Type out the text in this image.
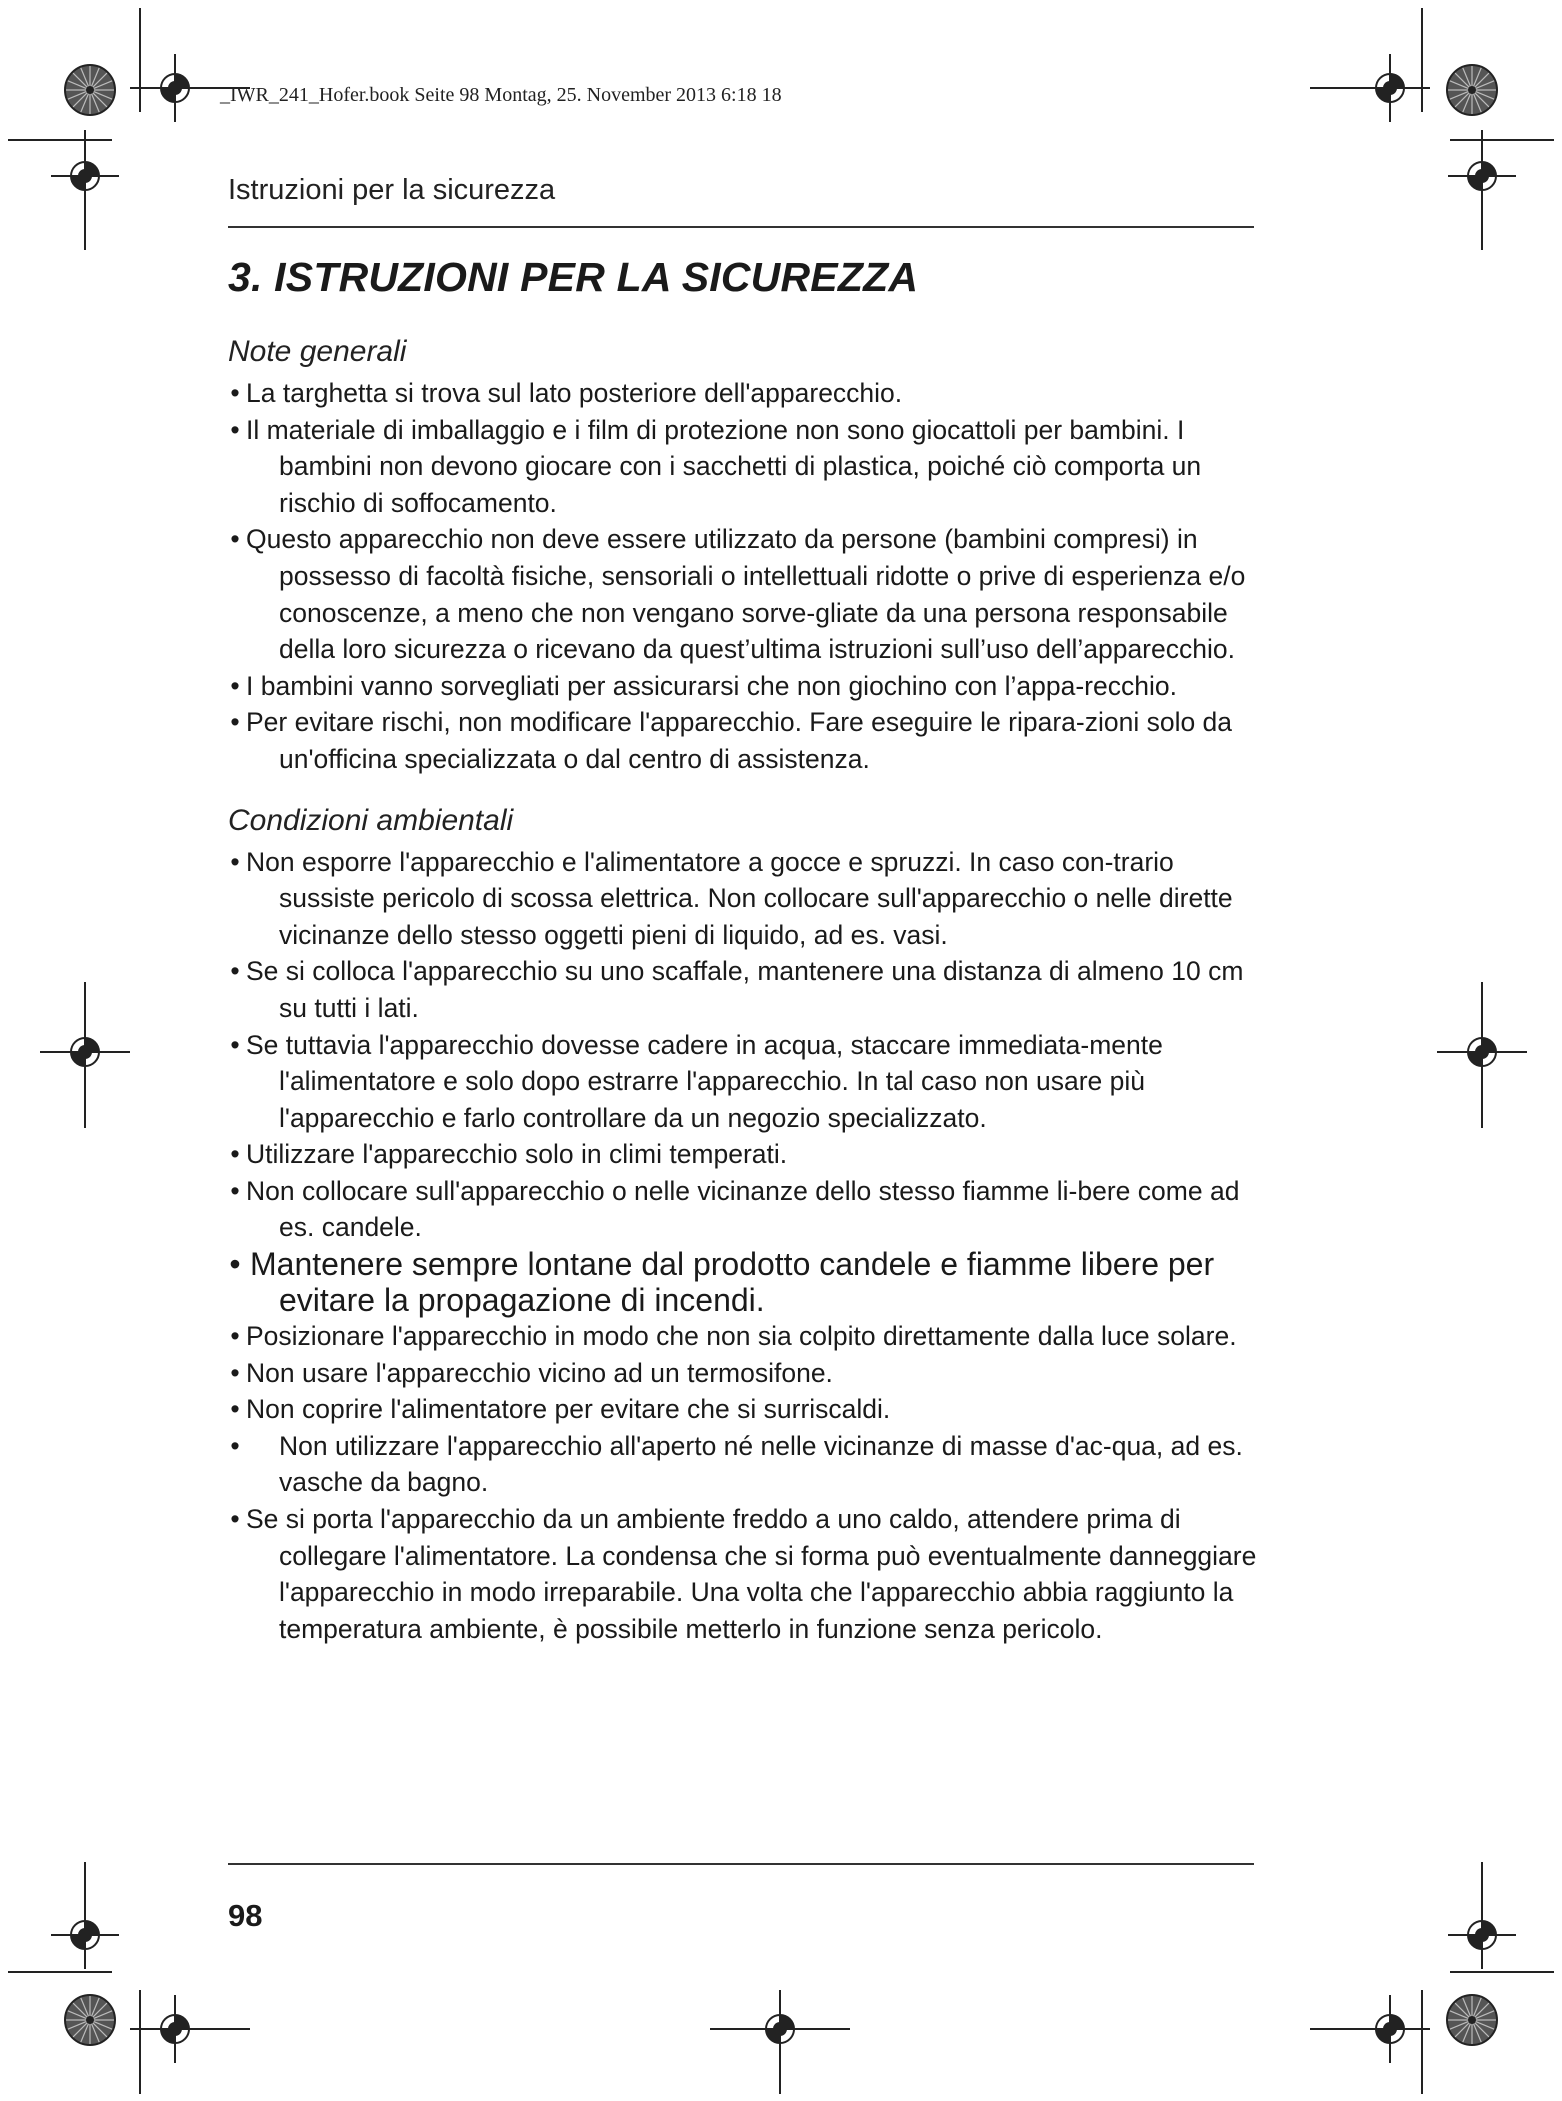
_IWR_241_Hofer.book Seite 98 Montag, 25. November 2013 6:18 18
Istruzioni per la sicurezza
3. ISTRUZIONI PER LA SICUREZZA
Note generali
• La targhetta si trova sul lato posteriore dell'apparecchio.
• Il materiale di imballaggio e i film di protezione non sono giocattoli per bambini. I bambini non devono giocare con i sacchetti di plastica, poiché ciò comporta un rischio di soffocamento.
• Questo apparecchio non deve essere utilizzato da persone (bambini compresi) in possesso di facoltà fisiche, sensoriali o intellettuali ridotte o prive di esperienza e/o conoscenze, a meno che non vengano sorve-gliate da una persona responsabile della loro sicurezza o ricevano da quest’ultima istruzioni sull’uso dell’apparecchio.
• I bambini vanno sorvegliati per assicurarsi che non giochino con l’appa-recchio.
• Per evitare rischi, non modificare l'apparecchio. Fare eseguire le ripara-zioni solo da un'officina specializzata o dal centro di assistenza.
Condizioni ambientali
• Non esporre l'apparecchio e l'alimentatore a gocce e spruzzi. In caso con-trario sussiste pericolo di scossa elettrica. Non collocare sull'apparecchio o nelle dirette vicinanze dello stesso oggetti pieni di liquido, ad es. vasi.
• Se si colloca l'apparecchio su uno scaffale, mantenere una distanza di almeno 10 cm su tutti i lati.
• Se tuttavia l'apparecchio dovesse cadere in acqua, staccare immediata-mente l'alimentatore e solo dopo estrarre l'apparecchio. In tal caso non usare più l'apparecchio e farlo controllare da un negozio specializzato.
• Utilizzare l'apparecchio solo in climi temperati.
• Non collocare sull'apparecchio o nelle vicinanze dello stesso fiamme li-bere come ad es. candele.
• Mantenere sempre lontane dal prodotto candele e fiamme libere per evitare la propagazione di incendi.
• Posizionare l'apparecchio in modo che non sia colpito direttamente dalla luce solare.
• Non usare l'apparecchio vicino ad un termosifone.
• Non coprire l'alimentatore per evitare che si surriscaldi.
• Non utilizzare l'apparecchio all'aperto né nelle vicinanze di masse d'ac-qua, ad es. vasche da bagno.
• Se si porta l'apparecchio da un ambiente freddo a uno caldo, attendere prima di collegare l'alimentatore. La condensa che si forma può eventualmente danneggiare l'apparecchio in modo irreparabile. Una volta che l'apparecchio abbia raggiunto la temperatura ambiente, è possibile metterlo in funzione senza pericolo.
98
